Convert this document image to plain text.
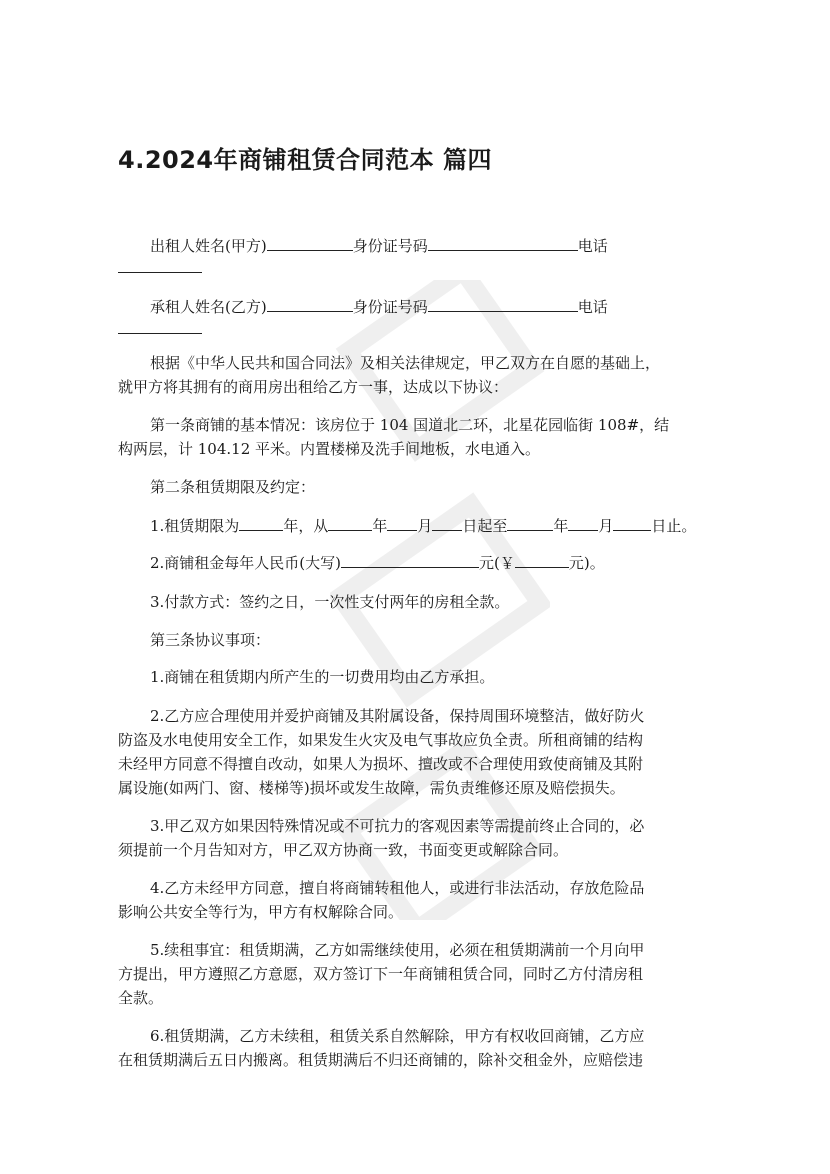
4.2024年商铺租赁合同范本 篇四
出租人姓名(甲方)	身份证号码	电话
承租人姓名(乙方)	身份证号码	电话
根据《中华人民共和国合同法》及相关法律规定，甲乙双方在自愿的基础上，
就甲方将其拥有的商用房出租给乙方一事，达成以下协议：
第一条商铺的基本情况：该房位于 104 国道北二环，北星花园临街 108#，结
构两层，计 104.12 平米。内置楼梯及洗手间地板，水电通入。
第二条租赁期限及约定：
1.租赁期限为	年，从	年 月 日起至	年 月	日止。
2.商铺租金每年人民币(大写)	元(￥	元)。
3.付款方式：签约之日，一次性支付两年的房租全款。
第三条协议事项：
1.商铺在租赁期内所产生的一切费用均由乙方承担。
2.乙方应合理使用并爱护商铺及其附属设备，保持周围环境整洁，做好防火
防盗及水电使用安全工作，如果发生火灾及电气事故应负全责。所租商铺的结构
未经甲方同意不得擅自改动，如果人为损坏、擅改或不合理使用致使商铺及其附
属设施(如两门、窗、楼梯等)损坏或发生故障，需负责维修还原及赔偿损失。
3.甲乙双方如果因特殊情况或不可抗力的客观因素等需提前终止合同的，必
须提前一个月告知对方，甲乙双方协商一致，书面变更或解除合同。
4.乙方未经甲方同意，擅自将商铺转租他人，或进行非法活动，存放危险品
影响公共安全等行为，甲方有权解除合同。
5.续租事宜：租赁期满，乙方如需继续使用，必须在租赁期满前一个月向甲
方提出，甲方遵照乙方意愿，双方签订下一年商铺租赁合同，同时乙方付清房租
全款。
6.租赁期满，乙方未续租，租赁关系自然解除，甲方有权收回商铺，乙方应
在租赁期满后五日内搬离。租赁期满后不归还商铺的，除补交租金外，应赔偿违
